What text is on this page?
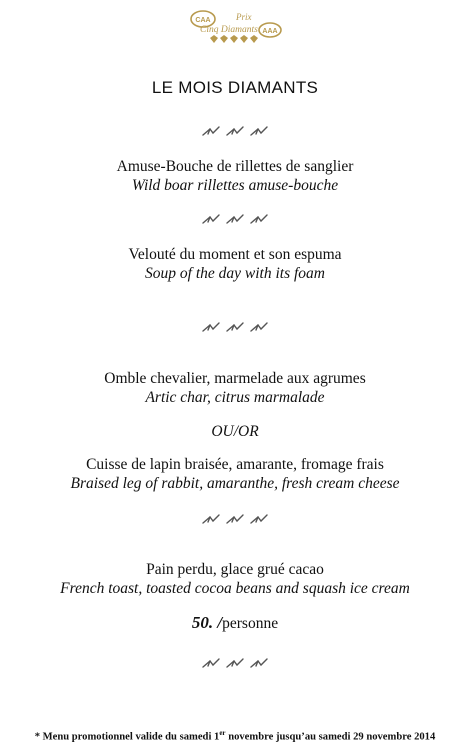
CAA	Prix
Cinq Diamants AAA
LE MOIS DIAMANTS
Amuse-Bouche de rillettes de sanglier
Wild boar rillettes amuse-bouche
Velouté du moment et son espuma
Soup of the day with its foam
Omble chevalier, marmelade aux agrumes
Artic char, citrus marmalade
OU/OR
Cuisse de lapin braisée, amarante, fromage frais
Braised leg of rabbit, amaranthe, fresh cream cheese
Pain perdu, glace grué cacao
French toast, toasted cocoa beans and squash ice cream
50. /personne
* Menu promotionnel valide du samedi 1er novembre jusqu’au samedi 29 novembre 2014
